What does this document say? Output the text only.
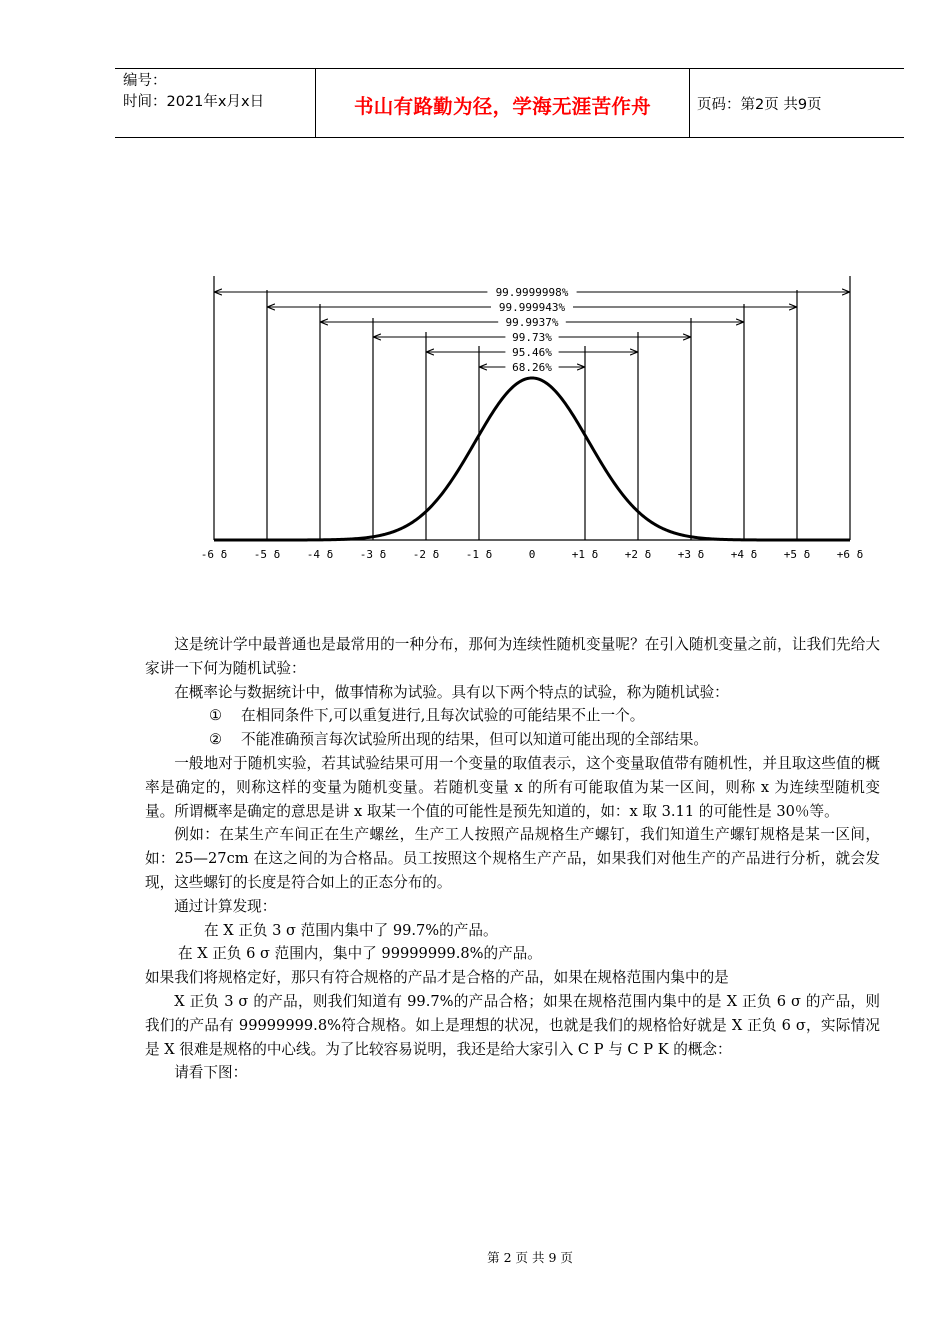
编号：
时间：2021年x月x日	书山有路勤为径，学海无涯苦作舟	页码：第2页 共9页
99.9999998%
99.999943%
99.9937%
99.73%
95.46%
68.26%
-6 δ -5 δ -4 δ -3 δ -2 δ -1 δ	0	+1 δ +2 δ +3 δ +4 δ +5 δ +6 δ

这是统计学中最普通也是最常用的一种分布，那何为连续性随机变量呢？在引入随机变量之前，让我们先给大家讲一下何为随机试验：

在概率论与数据统计中，做事情称为试验。具有以下两个特点的试验，称为随机试验：

① 在相同条件下,可以重复进行,且每次试验的可能结果不止一个。

② 不能准确预言每次试验所出现的结果，但可以知道可能出现的全部结果。

一般地对于随机实验，若其试验结果可用一个变量的取值表示，这个变量取值带有随机性，并且取这些值的概率是确定的，则称这样的变量为随机变量。若随机变量 x 的所有可能取值为某一区间，则称 x 为连续型随机变量。所谓概率是确定的意思是讲 x 取某一个值的可能性是预先知道的，如：x 取 3.11 的可能性是 30％等。

例如：在某生产车间正在生产螺丝，生产工人按照产品规格生产螺钉，我们知道生产螺钉规格是某一区间，如：25—27cm 在这之间的为合格品。员工按照这个规格生产产品，如果我们对他生产的产品进行分析，就会发现，这些螺钉的长度是符合如上的正态分布的。

通过计算发现：

在 X 正负 3 σ 范围内集中了 99.7%的产品。

在 X 正负 6 σ 范围内，集中了 99999999.8%的产品。

如果我们将规格定好，那只有符合规格的产品才是合格的产品，如果在规格范围内集中的是

X 正负 3 σ 的产品，则我们知道有 99.7%的产品合格；如果在规格范围内集中的是 X 正负 6 σ 的产品，则我们的产品有 99999999.8%符合规格。如上是理想的状况，也就是我们的规格恰好就是 X 正负 6 σ，实际情况是 X 很难是规格的中心线。为了比较容易说明，我还是给大家引入 C P 与 C P K 的概念：

请看下图：

第 2 页 共 9 页
